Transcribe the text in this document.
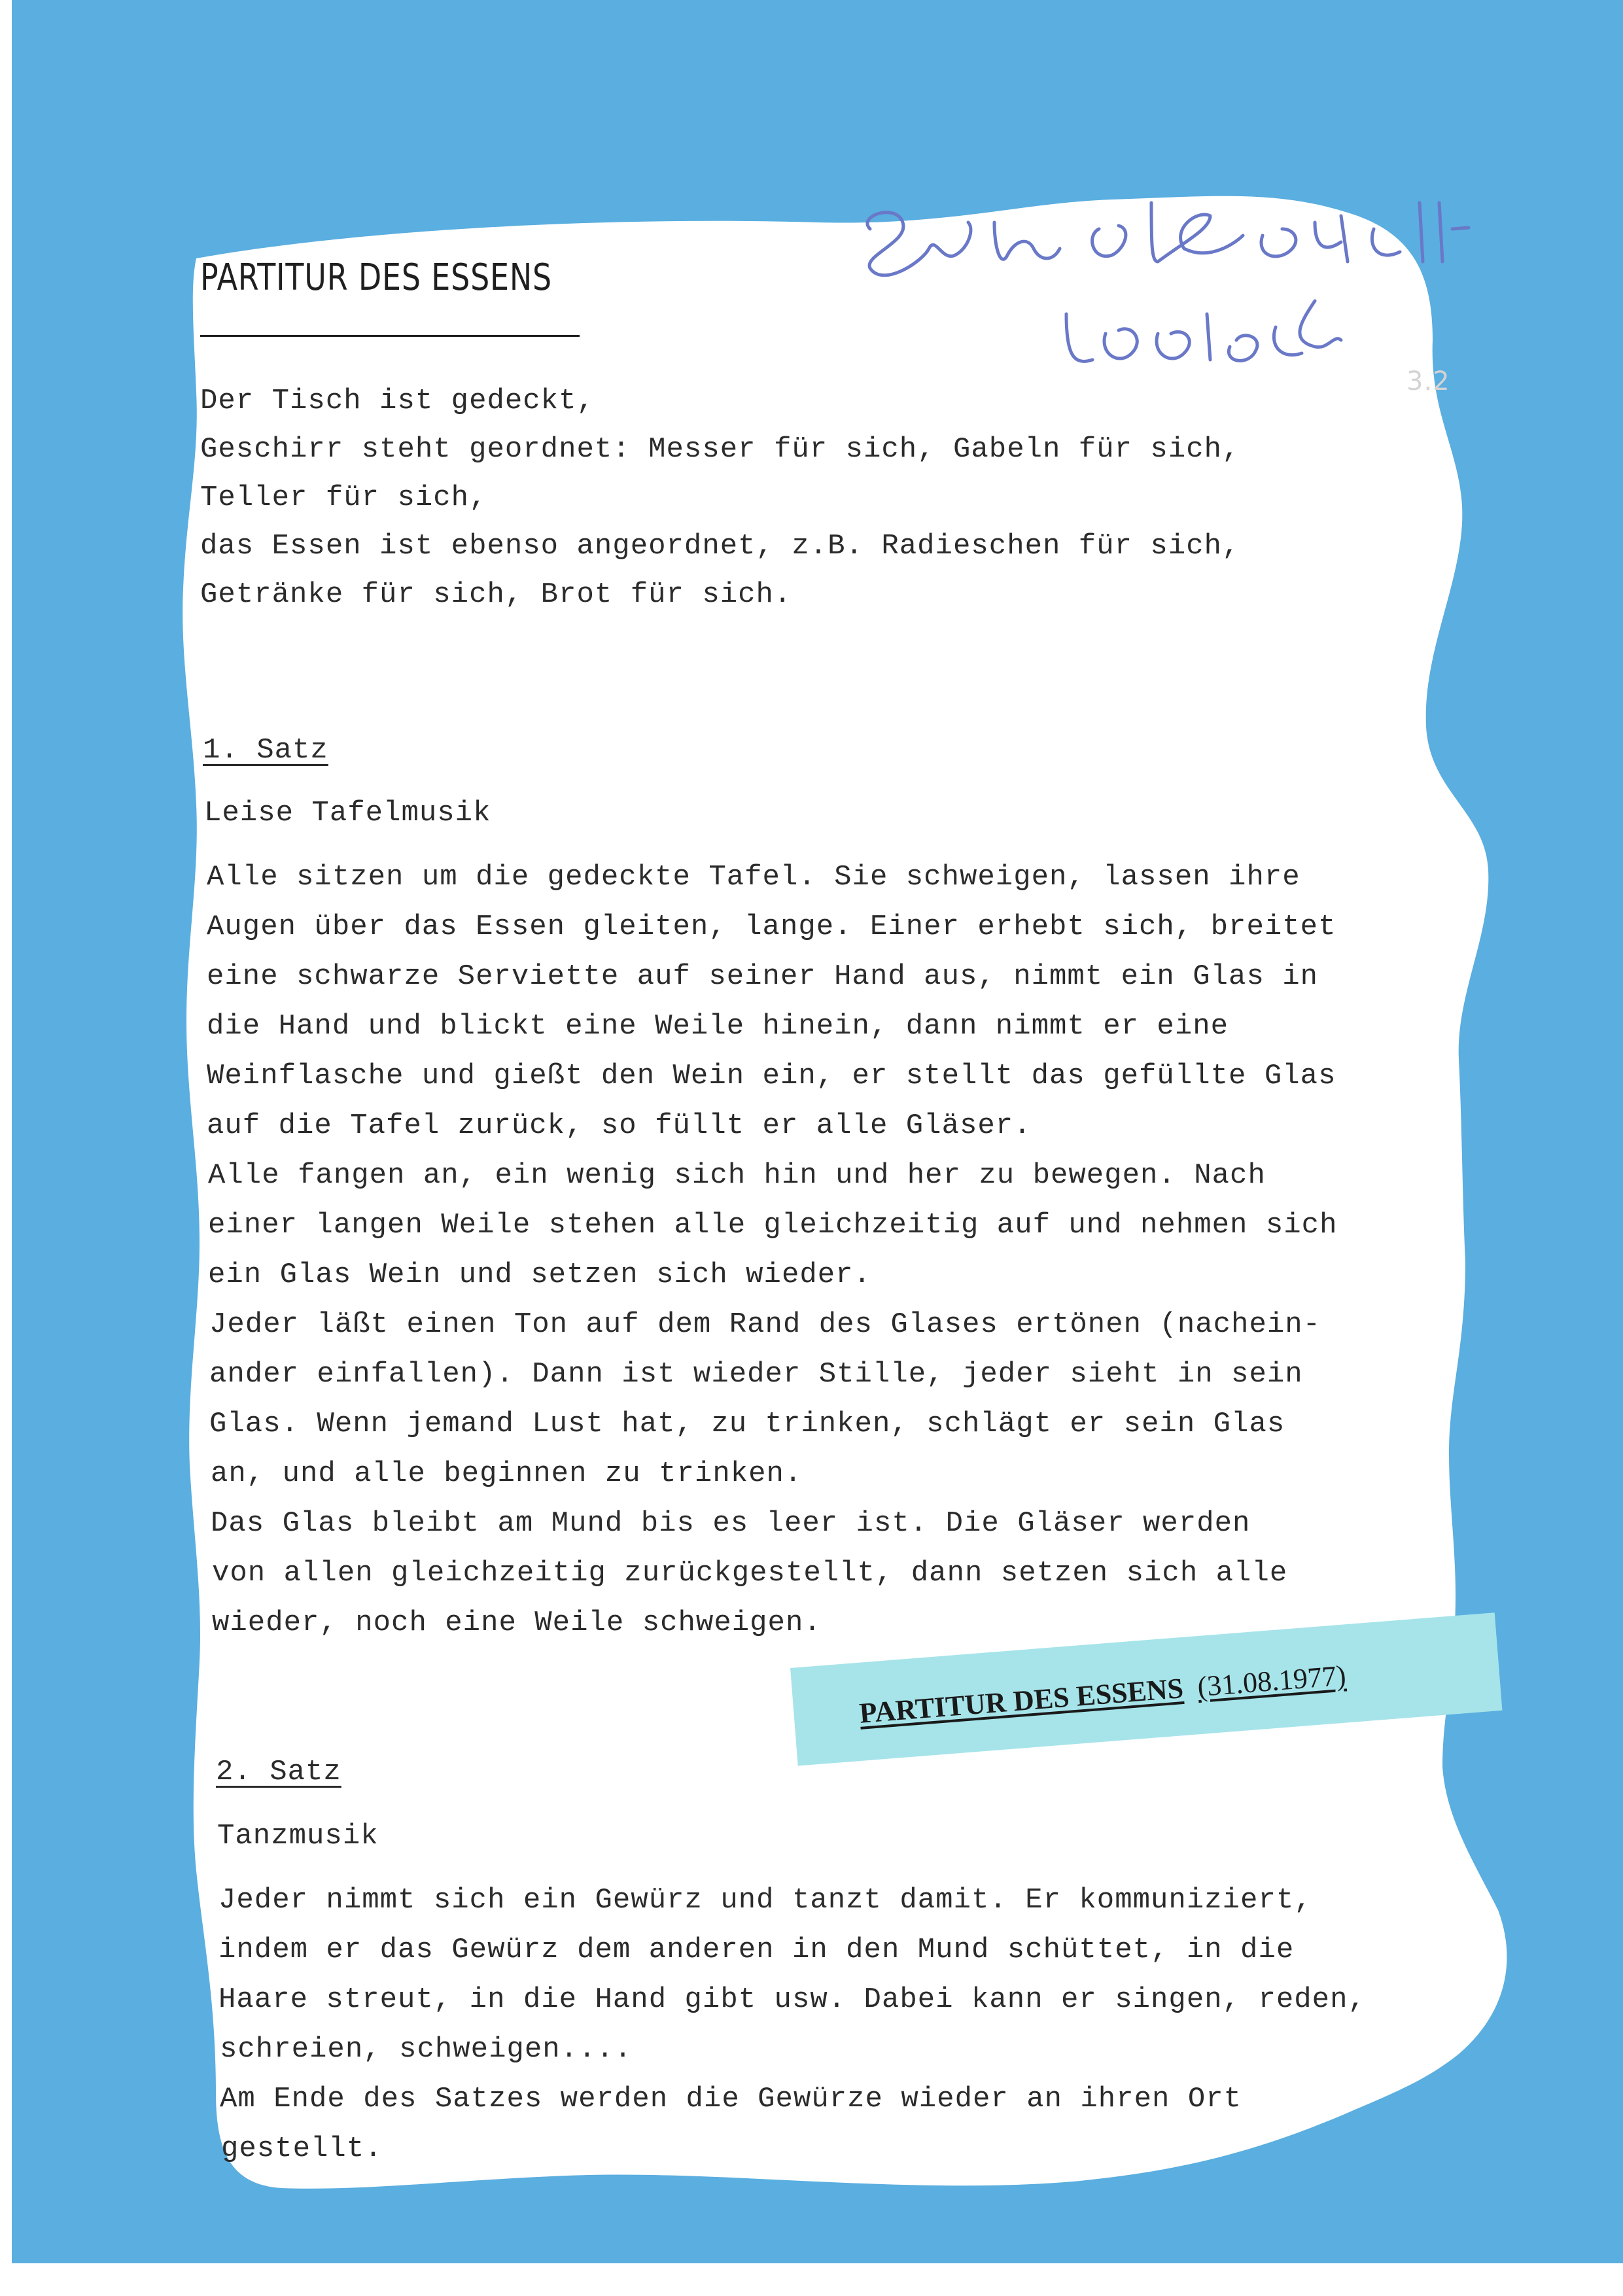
PARTITUR DES ESSENS
3.2
Der Tisch ist gedeckt,
Geschirr steht geordnet: Messer für sich, Gabeln für sich,
Teller für sich,
das Essen ist ebenso angeordnet, z.B. Radieschen für sich,
Getränke für sich, Brot für sich.
1. Satz
Leise Tafelmusik
Alle sitzen um die gedeckte Tafel. Sie schweigen, lassen ihre
Augen über das Essen gleiten, lange. Einer erhebt sich, breitet
eine schwarze Serviette auf seiner Hand aus, nimmt ein Glas in
die Hand und blickt eine Weile hinein, dann nimmt er eine
Weinflasche und gießt den Wein ein, er stellt das gefüllte Glas
auf die Tafel zurück, so füllt er alle Gläser.
Alle fangen an, ein wenig sich hin und her zu bewegen. Nach
einer langen Weile stehen alle gleichzeitig auf und nehmen sich
ein Glas Wein und setzen sich wieder.
Jeder läßt einen Ton auf dem Rand des Glases ertönen (nachein-
ander einfallen). Dann ist wieder Stille, jeder sieht in sein
Glas. Wenn jemand Lust hat, zu trinken, schlägt er sein Glas
an, und alle beginnen zu trinken.
Das Glas bleibt am Mund bis es leer ist. Die Gläser werden
von allen gleichzeitig zurückgestellt, dann setzen sich alle
wieder, noch eine Weile schweigen.
2. Satz
Tanzmusik
Jeder nimmt sich ein Gewürz und tanzt damit. Er kommuniziert,
indem er das Gewürz dem anderen in den Mund schüttet, in die
Haare streut, in die Hand gibt usw. Dabei kann er singen, reden,
schreien, schweigen....
Am Ende des Satzes werden die Gewürze wieder an ihren Ort
gestellt.
PARTITUR DES ESSENS (31.08.1977)
